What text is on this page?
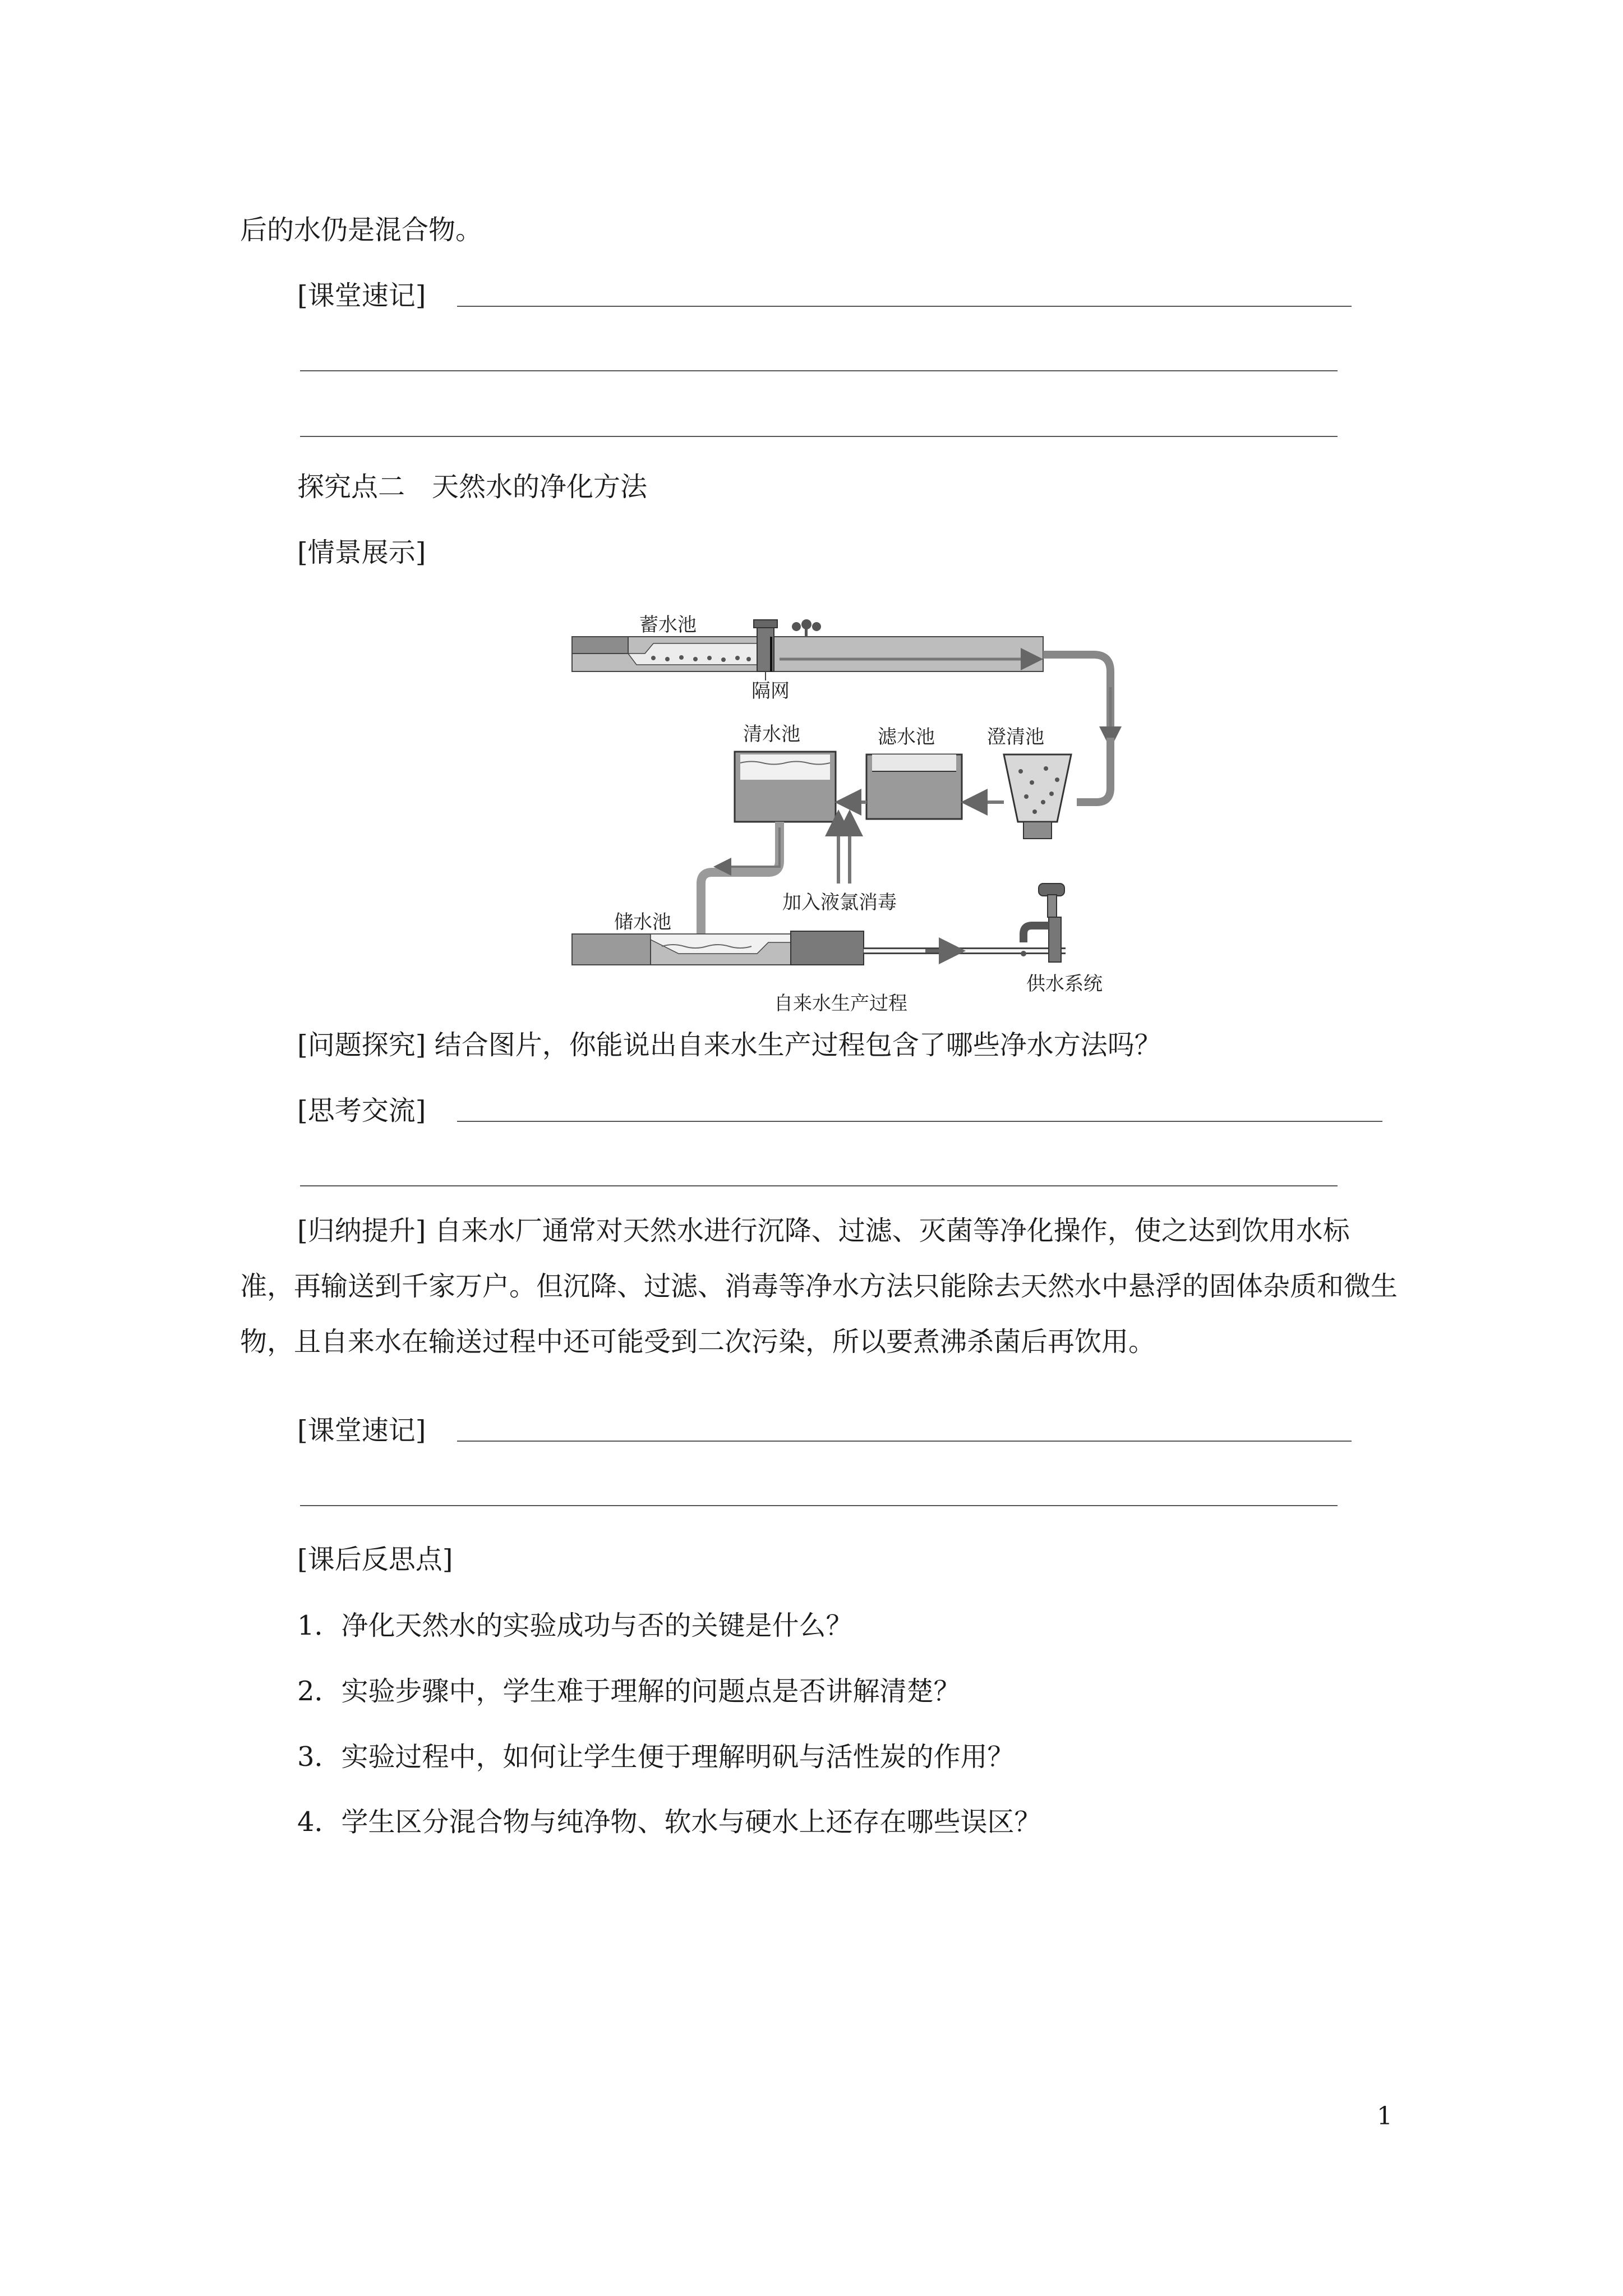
后的水仍是混合物。
[课堂速记]
探究点二　天然水的净化方法
[情景展示]
蓄水池
隔网
澄清池
滤水池
清水池
加入液氯消毒
储水池
供水系统
自来水生产过程
[问题探究] 结合图片，你能说出自来水生产过程包含了哪些净水方法吗？
[思考交流]
[归纳提升] 自来水厂通常对天然水进行沉降、过滤、灭菌等净化操作，使之达到饮用水标准，再输送到千家万户。但沉降、过滤、消毒等净水方法只能除去天然水中悬浮的固体杂质和微生物，且自来水在输送过程中还可能受到二次污染，所以要煮沸杀菌后再饮用。
[课堂速记]
[课后反思点]
1．净化天然水的实验成功与否的关键是什么？
2．实验步骤中，学生难于理解的问题点是否讲解清楚？
3．实验过程中，如何让学生便于理解明矾与活性炭的作用？
4．学生区分混合物与纯净物、软水与硬水上还存在哪些误区？
1
